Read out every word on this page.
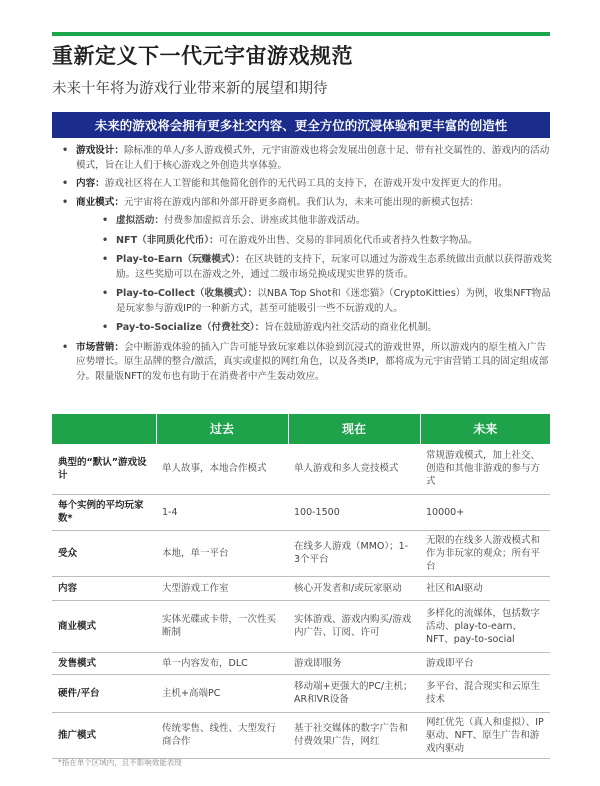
重新定义下一代元宇宙游戏规范
未来十年将为游戏行业带来新的展望和期待
未来的游戏将会拥有更多社交内容、更全方位的沉浸体验和更丰富的创造性
• 游戏设计：除标准的单人/多人游戏模式外，元宇宙游戏也将会发展出创意十足、带有社交属性的、游戏内的活动模式，旨在让人们于核心游戏之外创造共享体验。
• 内容：游戏社区将在人工智能和其他简化创作的无代码工具的支持下，在游戏开发中发挥更大的作用。
• 商业模式：元宇宙将在游戏内部和外部开辟更多商机。我们认为，未来可能出现的新模式包括：
• 虚拟活动：付费参加虚拟音乐会、讲座或其他非游戏活动。
• NFT（非同质化代币）：可在游戏外出售、交易的非同质化代币或者持久性数字物品。
• Play-to-Earn（玩赚模式）：在区块链的支持下，玩家可以通过为游戏生态系统做出贡献以获得游戏奖励。这些奖励可以在游戏之外，通过二级市场兑换成现实世界的货币。
• Play-to-Collect（收集模式）：以NBA Top Shot和《迷恋猫》（CryptoKitties）为例，收集NFT物品是玩家参与游戏IP的一种新方式，甚至可能吸引一些不玩游戏的人。
• Pay-to-Socialize（付费社交）：旨在鼓励游戏内社交活动的商业化机制。
• 市场营销：会中断游戏体验的插入广告可能导致玩家难以体验到沉浸式的游戏世界，所以游戏内的原生植入广告应势增长。原生品牌的整合/激活，真实或虚拟的网红角色，以及各类IP，都将成为元宇宙营销工具的固定组成部分。限量版NFT的发布也有助于在消费者中产生轰动效应。
	过去	现在	未来
典型的“默认”游戏设计	单人故事，本地合作模式	单人游戏和多人竞技模式	常规游戏模式，加上社交、创造和其他非游戏的参与方式
每个实例的平均玩家数*	1-4	100-1500	10000+
受众	本地，单一平台	在线多人游戏（MMO）；1-3个平台	无限的在线多人游戏模式和作为非玩家的观众；所有平台
内容	大型游戏工作室	核心开发者和/或玩家驱动	社区和AI驱动
商业模式	实体光碟或卡带，一次性买断制	实体游戏、游戏内购买/游戏内广告、订阅、许可	多样化的流媒体，包括数字活动、play-to-earn、NFT、pay-to-social
发售模式	单一内容发布，DLC	游戏即服务	游戏即平台
硬件/平台	主机+高端PC	移动端+更强大的PC/主机；AR和VR设备	多平台、混合现实和云原生技术
推广模式	传统零售、线性、大型发行商合作	基于社交媒体的数字广告和付费效果广告，网红	网红优先（真人和虚拟）、IP驱动、NFT、原生广告和游戏内驱动
*指在单个区域内，且不影响效能表现
